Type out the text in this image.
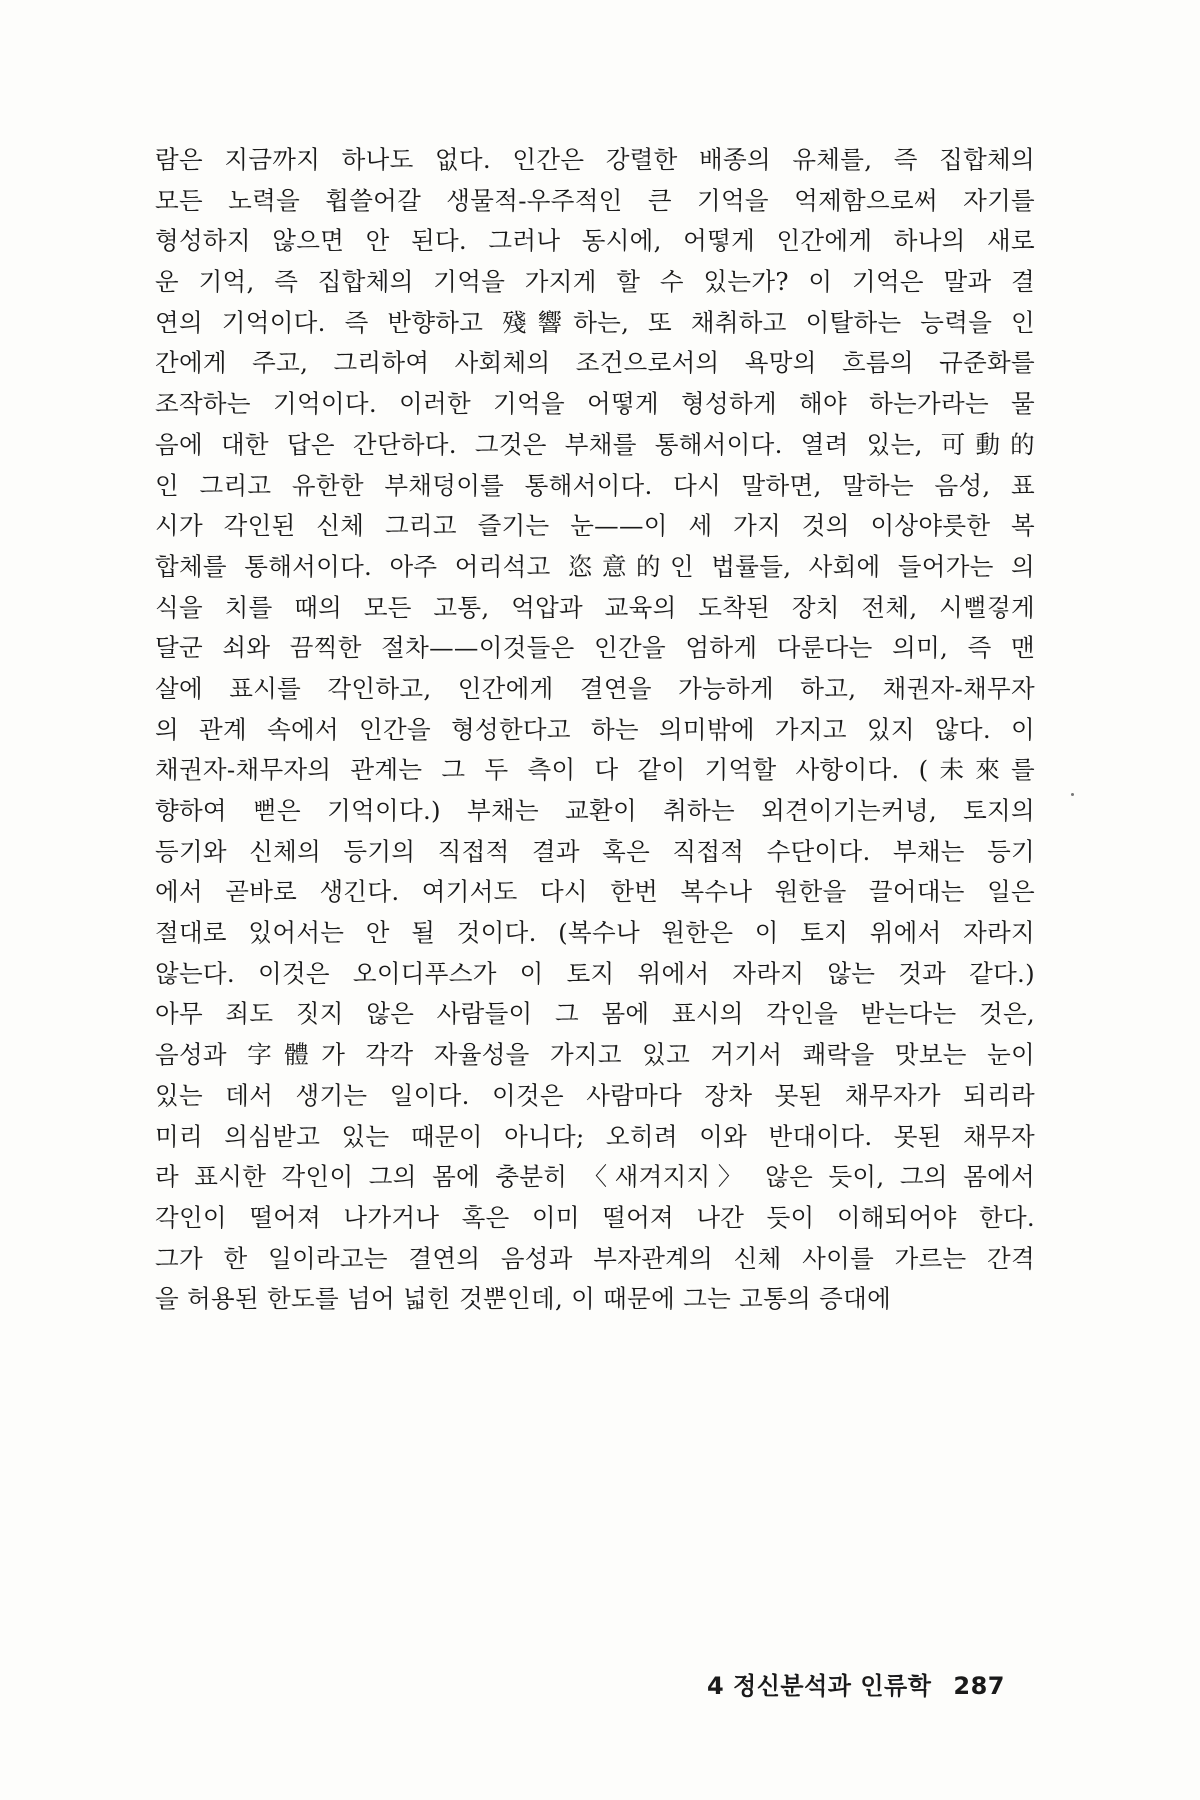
람은 지금까지 하나도 없다. 인간은 강렬한 배종의 유체를, 즉 집합체의
모든 노력을 휩쓸어갈 생물적-우주적인 큰 기억을 억제함으로써 자기를
형성하지 않으면 안 된다. 그러나 동시에, 어떻게 인간에게 하나의 새로
운 기억, 즉 집합체의 기억을 가지게 할 수 있는가? 이 기억은 말과 결
연의 기억이다. 즉 반향하고 殘響하는, 또 채취하고 이탈하는 능력을 인
간에게 주고, 그리하여 사회체의 조건으로서의 욕망의 흐름의 규준화를
조작하는 기억이다. 이러한 기억을 어떻게 형성하게 해야 하는가라는 물
음에 대한 답은 간단하다. 그것은 부채를 통해서이다. 열려 있는, 可動的
인 그리고 유한한 부채덩이를 통해서이다. 다시 말하면, 말하는 음성, 표
시가 각인된 신체 그리고 즐기는 눈——이 세 가지 것의 이상야릇한 복
합체를 통해서이다. 아주 어리석고 恣意的인 법률들, 사회에 들어가는 의
식을 치를 때의 모든 고통, 억압과 교육의 도착된 장치 전체, 시뻘겋게
달군 쇠와 끔찍한 절차——이것들은 인간을 엄하게 다룬다는 의미, 즉 맨
살에 표시를 각인하고, 인간에게 결연을 가능하게 하고, 채권자-채무자
의 관계 속에서 인간을 형성한다고 하는 의미밖에 가지고 있지 않다. 이
채권자-채무자의 관계는 그 두 측이 다 같이 기억할 사항이다. (未來를
향하여 뻗은 기억이다.) 부채는 교환이 취하는 외견이기는커녕, 토지의
등기와 신체의 등기의 직접적 결과 혹은 직접적 수단이다. 부채는 등기
에서 곧바로 생긴다. 여기서도 다시 한번 복수나 원한을 끌어대는 일은
절대로 있어서는 안 될 것이다. (복수나 원한은 이 토지 위에서 자라지
않는다. 이것은 오이디푸스가 이 토지 위에서 자라지 않는 것과 같다.)
아무 죄도 짓지 않은 사람들이 그 몸에 표시의 각인을 받는다는 것은,
음성과 字體가 각각 자율성을 가지고 있고 거기서 쾌락을 맛보는 눈이
있는 데서 생기는 일이다. 이것은 사람마다 장차 못된 채무자가 되리라
미리 의심받고 있는 때문이 아니다; 오히려 이와 반대이다. 못된 채무자
라 표시한 각인이 그의 몸에 충분히 〈새겨지지〉 않은 듯이, 그의 몸에서
각인이 떨어져 나가거나 혹은 이미 떨어져 나간 듯이 이해되어야 한다.
그가 한 일이라고는 결연의 음성과 부자관계의 신체 사이를 가르는 간격
을 허용된 한도를 넘어 넓힌 것뿐인데, 이 때문에 그는 고통의 증대에
4 정신분석과 인류학 287
